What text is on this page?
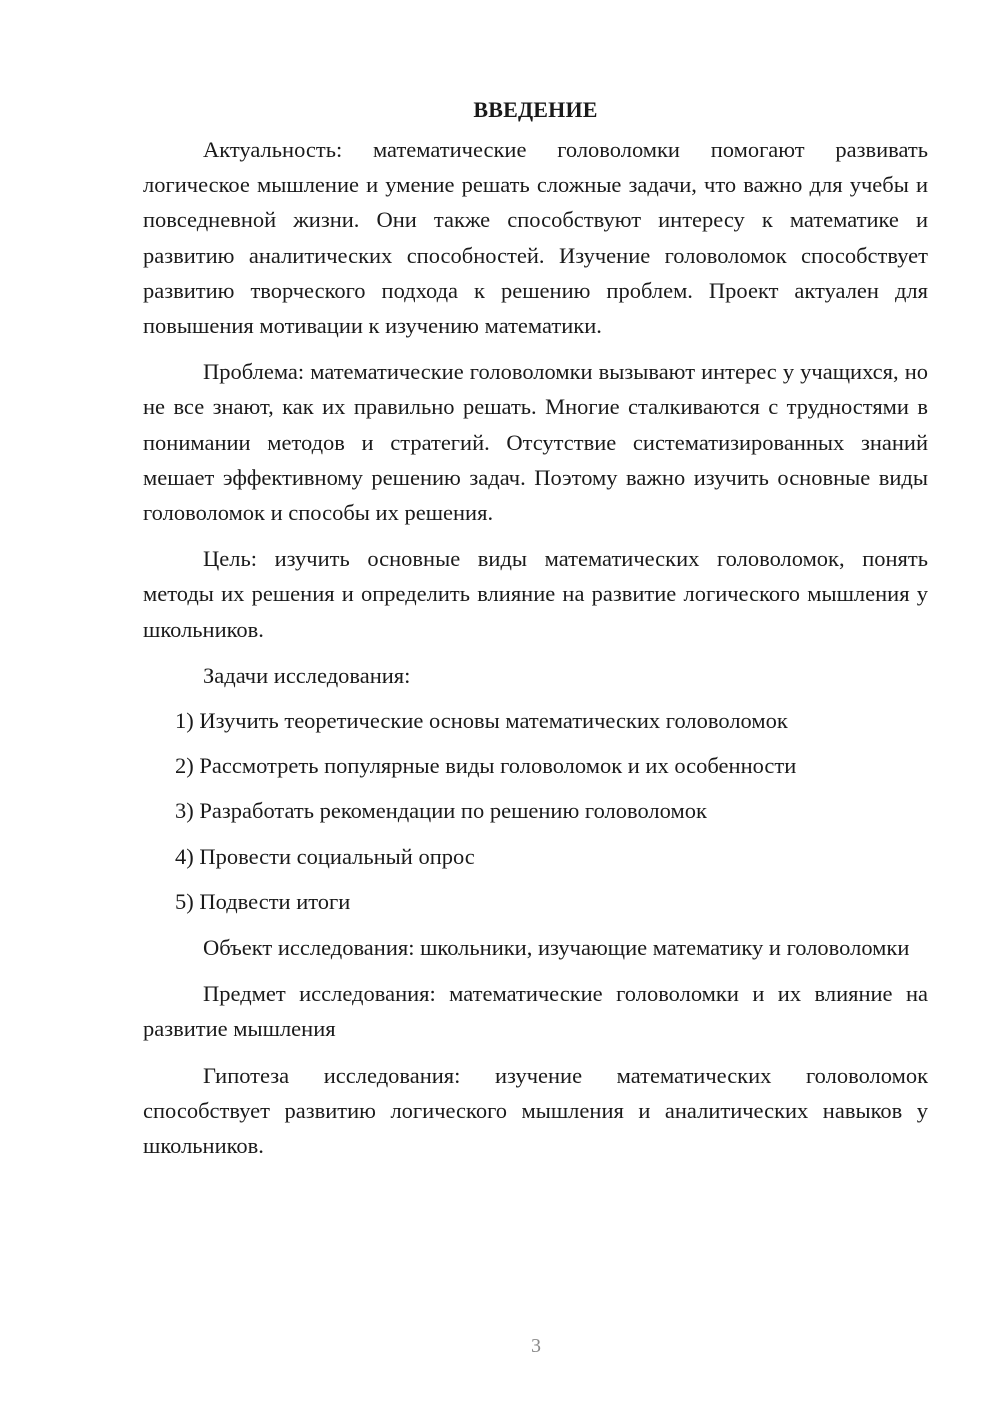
ВВЕДЕНИЕ

Актуальность: математические головоломки помогают развивать логическое мышление и умение решать сложные задачи, что важно для учебы и повседневной жизни. Они также способствуют интересу к математике и развитию аналитических способностей. Изучение головоломок способствует развитию творческого подхода к решению проблем. Проект актуален для повышения мотивации к изучению математики.

Проблема: математические головоломки вызывают интерес у учащихся, но не все знают, как их правильно решать. Многие сталкиваются с трудностями в понимании методов и стратегий. Отсутствие систематизированных знаний мешает эффективному решению задач. Поэтому важно изучить основные виды головоломок и способы их решения.

Цель: изучить основные виды математических головоломок, понять методы их решения и определить влияние на развитие логического мышления у школьников.

Задачи исследования:

1) Изучить теоретические основы математических головоломок
2) Рассмотреть популярные виды головоломок и их особенности
3) Разработать рекомендации по решению головоломок
4) Провести социальный опрос
5) Подвести итоги

Объект исследования: школьники, изучающие математику и головоломки

Предмет исследования: математические головоломки и их влияние на развитие мышления

Гипотеза исследования: изучение математических головоломок способствует развитию логического мышления и аналитических навыков у школьников.

3
